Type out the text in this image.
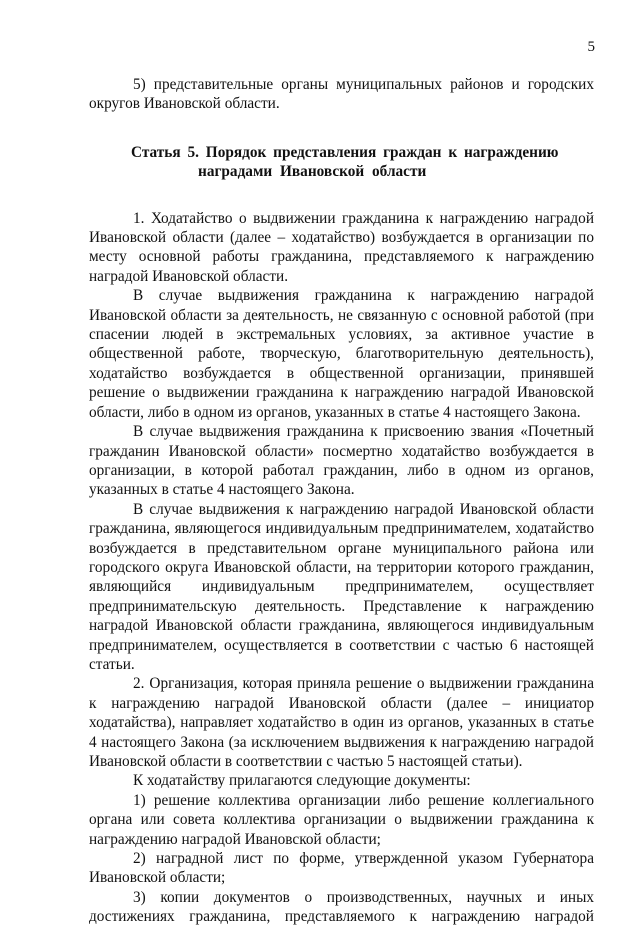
5

5) представительные органы муниципальных районов и городских округов Ивановской области.

Статья 5. Порядок представления граждан к награждению
наградами Ивановской области

1. Ходатайство о выдвижении гражданина к награждению наградой Ивановской области (далее – ходатайство) возбуждается в организации по месту основной работы гражданина, представляемого к награждению наградой Ивановской области.

В случае выдвижения гражданина к награждению наградой Ивановской области за деятельность, не связанную с основной работой (при спасении людей в экстремальных условиях, за активное участие в общественной работе, творческую, благотворительную деятельность), ходатайство возбуждается в общественной организации, принявшей решение о выдвижении гражданина к награждению наградой Ивановской области, либо в одном из органов, указанных в статье 4 настоящего Закона.

В случае выдвижения гражданина к присвоению звания «Почетный гражданин Ивановской области» посмертно ходатайство возбуждается в организации, в которой работал гражданин, либо в одном из органов, указанных в статье 4 настоящего Закона.

В случае выдвижения к награждению наградой Ивановской области гражданина, являющегося индивидуальным предпринимателем, ходатайство возбуждается в представительном органе муниципального района или городского округа Ивановской области, на территории которого гражданин, являющийся индивидуальным предпринимателем, осуществляет предпринимательскую деятельность. Представление к награждению наградой Ивановской области гражданина, являющегося индивидуальным предпринимателем, осуществляется в соответствии с частью 6 настоящей статьи.

2. Организация, которая приняла решение о выдвижении гражданина к награждению наградой Ивановской области (далее – инициатор ходатайства), направляет ходатайство в один из органов, указанных в статье 4 настоящего Закона (за исключением выдвижения к награждению наградой Ивановской области в соответствии с частью 5 настоящей статьи).

К ходатайству прилагаются следующие документы:

1) решение коллектива организации либо решение коллегиального органа или совета коллектива организации о выдвижении гражданина к награждению наградой Ивановской области;

2) наградной лист по форме, утвержденной указом Губернатора Ивановской области;

3) копии документов о производственных, научных и иных достижениях гражданина, представляемого к награждению наградой
